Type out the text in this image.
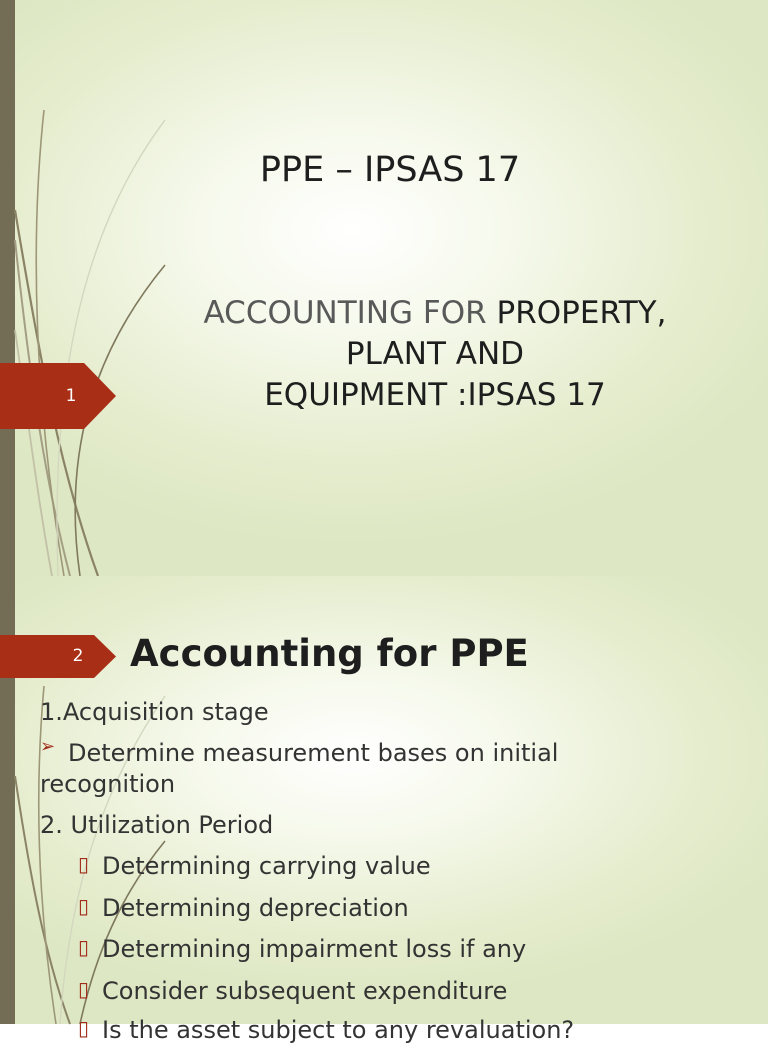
1
PPE – IPSAS 17
ACCOUNTING FOR PROPERTY,
PLANT AND
EQUIPMENT :IPSAS 17
2 Accounting for PPE
1.Acquisition stage
➢ Determine measurement bases on initial
recognition
2. Utilization Period
▯ Determining carrying value
▯ Determining depreciation
▯ Determining impairment loss if any
▯ Consider subsequent expenditure
▯ Is the asset subject to any revaluation?
